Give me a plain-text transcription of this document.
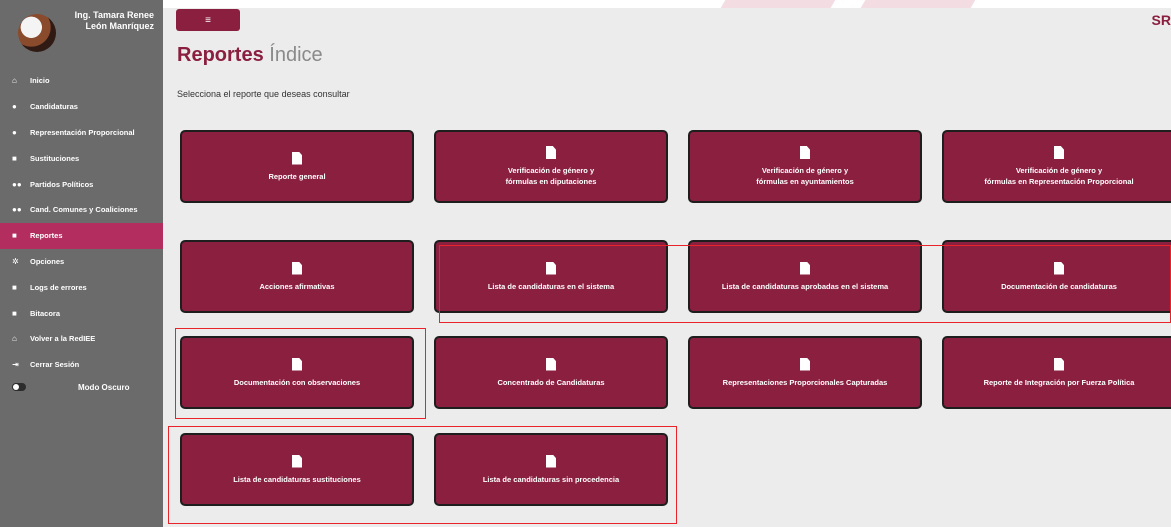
Ing. Tamara Renee
León Manríquez
⌂	Inicio
●	Candidaturas
●	Representación Proporcional
■	Sustituciones
●●	Partidos Políticos
●●	Cand. Comunes y Coaliciones
■	Reportes
✲	Opciones
■	Logs de errores
■	Bitacora
⌂	Volver a la RedIEE
⇥	Cerrar Sesión
Modo Oscuro
≡	SR
Reportes Índice
Selecciona el reporte que deseas consultar
Reporte general
Verificación de género y
fórmulas en diputaciones
Verificación de género y
fórmulas en ayuntamientos
Verificación de género y
fórmulas en Representación Proporcional
Acciones afirmativas	Lista de candidaturas en el sistema	Lista de candidaturas aprobadas en el sistema	Documentación de candidaturas
Documentación con observaciones	Concentrado de Candidaturas	Representaciones Proporcionales Capturadas	Reporte de Integración por Fuerza Política
Lista de candidaturas sustituciones	Lista de candidaturas sin procedencia
